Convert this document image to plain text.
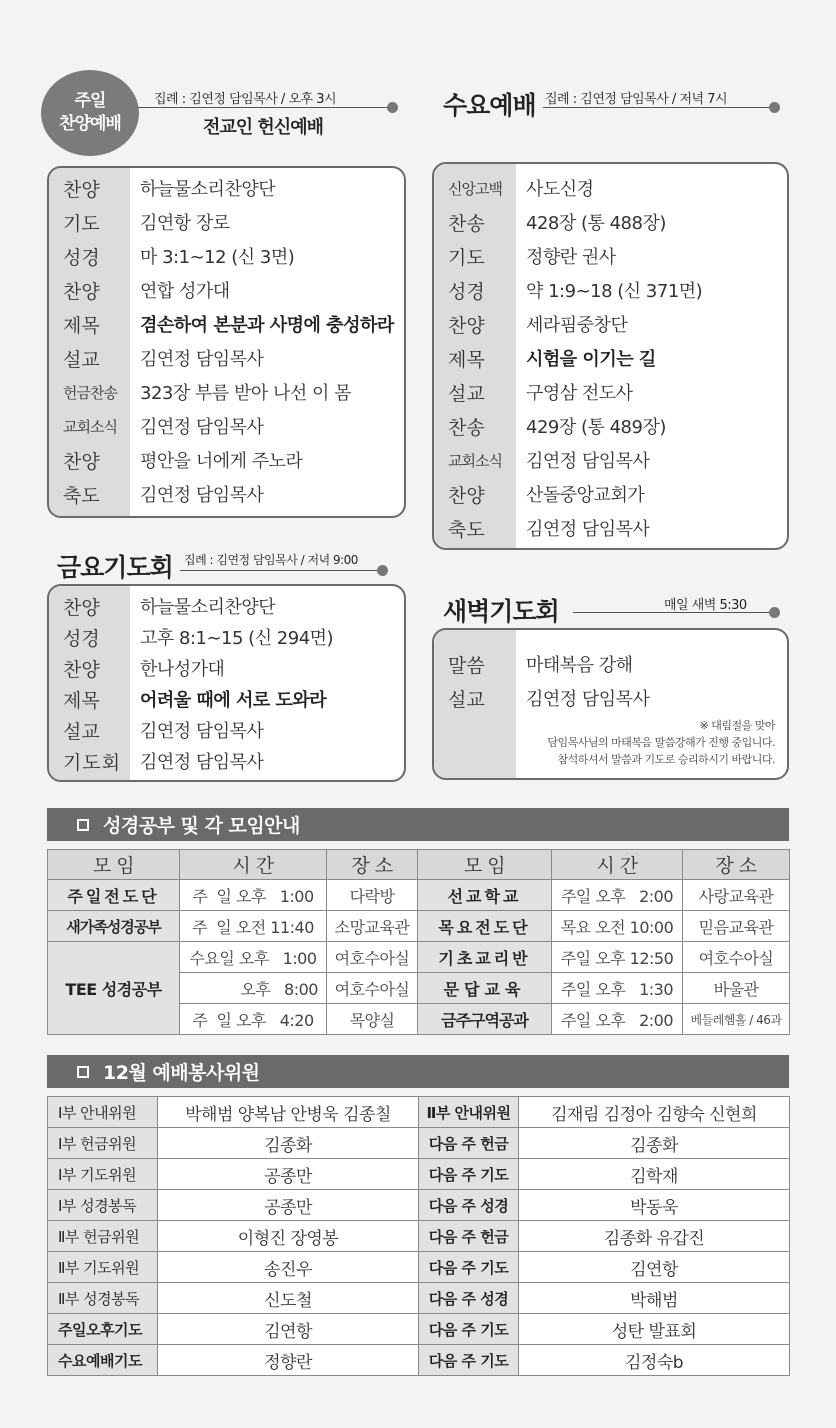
주일
찬양예배
집례 : 김연정 담임목사 / 오후 3시
전교인 헌신예배
찬양	하늘물소리찬양단
기도	김연항 장로
성경	마 3:1∼12 (신 3면)
찬양	연합 성가대
제목	겸손하여 본분과 사명에 충성하라
설교	김연정 담임목사
헌금찬송	323장 부름 받아 나선 이 몸
교회소식	김연정 담임목사
찬양	평안을 너에게 주노라
축도	김연정 담임목사
수요예배 집례 : 김연정 담임목사 / 저녁 7시
신앙고백	사도신경
찬송	428장 (통 488장)
기도	정향란 권사
성경	약 1:9∼18 (신 371면)
찬양	세라핌중창단
제목	시험을 이기는 길
설교	구영삼 전도사
찬송	429장 (통 489장)
교회소식	김연정 담임목사
찬양	산돌중앙교회가
축도	김연정 담임목사
금요기도회 집례 : 김연정 담임목사 / 저녁 9:00
찬양	하늘물소리찬양단
성경	고후 8:1∼15 (신 294면)
찬양	한나성가대
제목	어려울 때에 서로 도와라
설교	김연정 담임목사
기도회	김연정 담임목사
새벽기도회	매일 새벽 5:30
말씀	마태복음 강해
설교	김연정 담임목사
※ 대림절을 맞아
담임목사님의 마태복음 말씀강해가 진행 중입니다.
참석하셔서 말씀과 기도로 승리하시기 바랍니다.
성경공부 및 각 모임안내
모 임	시 간	장 소	모 임	시 간	장 소
주일전도단	주  일 오후   1:00	다락방	선교학교	주일 오후   2:00	사랑교육관
새가족성경공부	주  일 오전 11:40	소망교육관	목요전도단	목요 오전 10:00	믿음교육관
TEE 성경공부	수요일 오후   1:00	여호수아실	기초교리반	주일 오후 12:50	여호수아실
	오후   8:00	여호수아실	문답교육	주일 오후   1:30	바울관
	주  일 오후   4:20	목양실	금주구역공과	주일 오후   2:00	베들레헴홀 / 46과
12월 예배봉사위원
Ⅰ부 안내위원	박해범 양복남 안병욱 김종칠	Ⅱ부 안내위원	김재림 김정아 김향숙 신현희
Ⅰ부 헌금위원	김종화	다음 주 헌금	김종화
Ⅰ부 기도위원	공종만	다음 주 기도	김학재
Ⅰ부 성경봉독	공종만	다음 주 성경	박동욱
Ⅱ부 헌금위원	이형진 장영봉	다음 주 헌금	김종화 유갑진
Ⅱ부 기도위원	송진우	다음 주 기도	김연항
Ⅱ부 성경봉독	신도철	다음 주 성경	박해범
주일오후기도	김연항	다음 주 기도	성탄 발표회
수요예배기도	정향란	다음 주 기도	김정숙b
